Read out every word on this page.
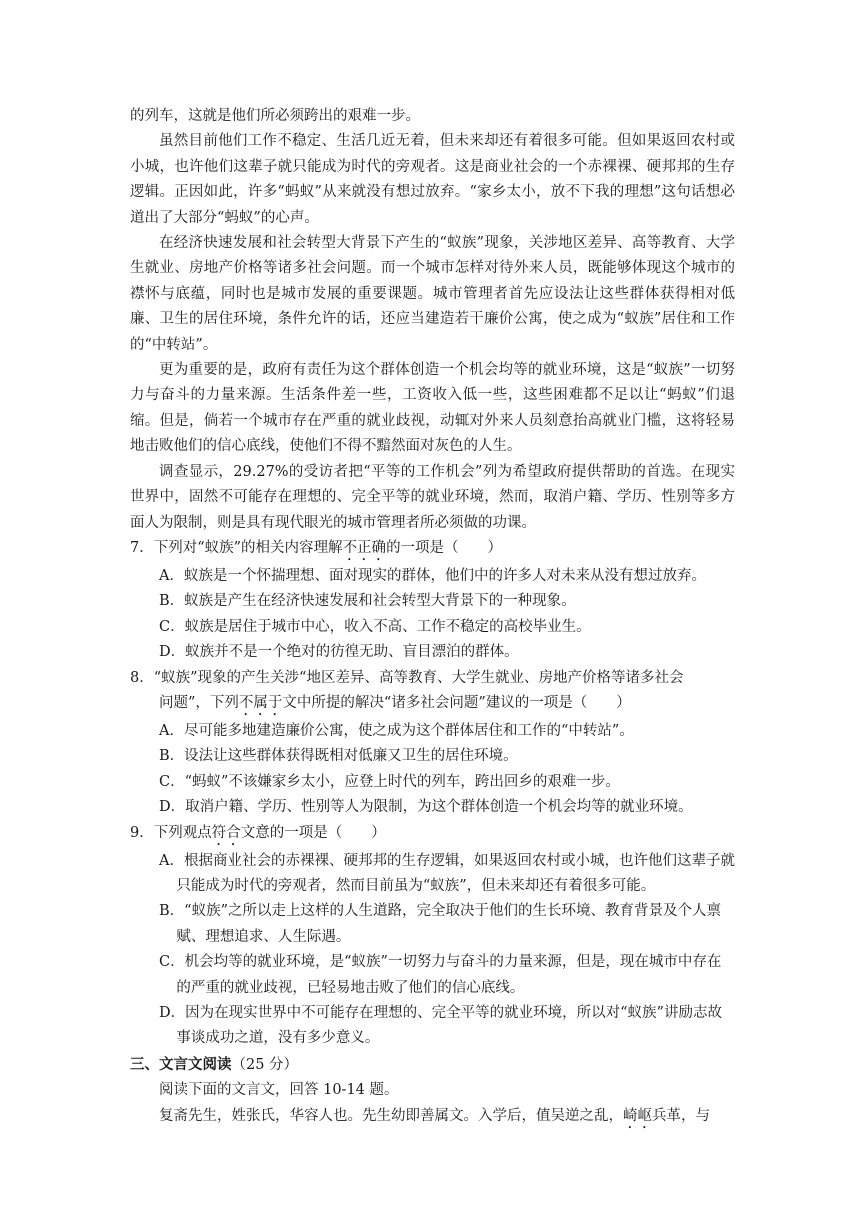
的列车，这就是他们所必须跨出的艰难一步。

虽然目前他们工作不稳定、生活几近无着，但未来却还有着很多可能。但如果返回农村或小城，也许他们这辈子就只能成为时代的旁观者。这是商业社会的一个赤裸裸、硬邦邦的生存逻辑。正因如此，许多“蚂蚁”从来就没有想过放弃。“家乡太小，放不下我的理想”这句话想必道出了大部分“蚂蚁”的心声。

在经济快速发展和社会转型大背景下产生的“蚁族”现象，关涉地区差异、高等教育、大学生就业、房地产价格等诸多社会问题。而一个城市怎样对待外来人员，既能够体现这个城市的襟怀与底蕴，同时也是城市发展的重要课题。城市管理者首先应设法让这些群体获得相对低廉、卫生的居住环境，条件允许的话，还应当建造若干廉价公寓，使之成为“蚁族”居住和工作的“中转站”。

更为重要的是，政府有责任为这个群体创造一个机会均等的就业环境，这是“蚁族”一切努力与奋斗的力量来源。生活条件差一些，工资收入低一些，这些困难都不足以让“蚂蚁”们退缩。但是，倘若一个城市存在严重的就业歧视，动辄对外来人员刻意抬高就业门槛，这将轻易地击败他们的信心底线，使他们不得不黯然面对灰色的人生。

调查显示，29.27%的受访者把“平等的工作机会”列为希望政府提供帮助的首选。在现实世界中，固然不可能存在理想的、完全平等的就业环境，然而，取消户籍、学历、性别等多方面人为限制，则是具有现代眼光的城市管理者所必须做的功课。

7．下列对“蚁族”的相关内容理解不正确的一项是（　　）

A．蚁族是一个怀揣理想、面对现实的群体，他们中的许多人对未来从没有想过放弃。

B．蚁族是产生在经济快速发展和社会转型大背景下的一种现象。

C．蚁族是居住于城市中心，收入不高、工作不稳定的高校毕业生。

D．蚁族并不是一个绝对的彷徨无助、盲目漂泊的群体。

8．“蚁族”现象的产生关涉“地区差异、高等教育、大学生就业、房地产价格等诸多社会

问题”，下列不属于文中所提的解决“诸多社会问题”建议的一项是（　　）

A．尽可能多地建造廉价公寓，使之成为这个群体居住和工作的“中转站”。

B．设法让这些群体获得既相对低廉又卫生的居住环境。

C．“蚂蚁”不该嫌家乡太小，应登上时代的列车，跨出回乡的艰难一步。

D．取消户籍、学历、性别等人为限制，为这个群体创造一个机会均等的就业环境。

9．下列观点符合文意的一项是（　　）

A．根据商业社会的赤裸裸、硬邦邦的生存逻辑，如果返回农村或小城，也许他们这辈子就只能成为时代的旁观者，然而目前虽为“蚁族”，但未来却还有着很多可能。

B．“蚁族”之所以走上这样的人生道路，完全取决于他们的生长环境、教育背景及个人禀赋、理想追求、人生际遇。

C．机会均等的就业环境，是“蚁族”一切努力与奋斗的力量来源，但是，现在城市中存在的严重的就业歧视，已轻易地击败了他们的信心底线。

D．因为在现实世界中不可能存在理想的、完全平等的就业环境，所以对“蚁族”讲励志故事谈成功之道，没有多少意义。

三、文言文阅读（25 分）

阅读下面的文言文，回答 10-14 题。

复斋先生，姓张氏，华容人也。先生幼即善属文。入学后，值吴逆之乱，崎岖兵革，与
